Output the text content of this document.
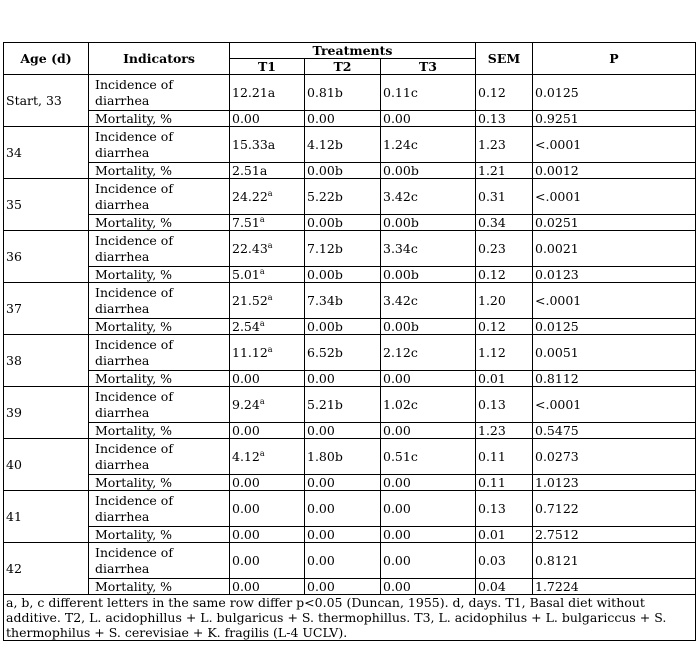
Age (d)	Indicators	Treatments			SEM	P
		T1	T2	T3		
Start, 33	Incidence of diarrhea	12.21a	0.81b	0.11c	0.12	0.0125
	Mortality, %	0.00	0.00	0.00	0.13	0.9251
34	Incidence of diarrhea	15.33a	4.12b	1.24c	1.23	<.0001
	Mortality, %	2.51a	0.00b	0.00b	1.21	0.0012
35	Incidence of diarrhea	24.22$^a$	5.22b	3.42c	0.31	<.0001
	Mortality, %	7.51$^a$	0.00b	0.00b	0.34	0.0251
36	Incidence of diarrhea	22.43$^a$	7.12b	3.34c	0.23	0.0021
	Mortality, %	5.01$^a$	0.00b	0.00b	0.12	0.0123
37	Incidence of diarrhea	21.52$^a$	7.34b	3.42c	1.20	<.0001
	Mortality, %	2.54$^a$	0.00b	0.00b	0.12	0.0125
38	Incidence of diarrhea	11.12$^a$	6.52b	2.12c	1.12	0.0051
	Mortality, %	0.00	0.00	0.00	0.01	0.8112
39	Incidence of diarrhea	9.24$^a$	5.21b	1.02c	0.13	<.0001
	Mortality, %	0.00	0.00	0.00	1.23	0.5475
40	Incidence of diarrhea	4.12$^a$	1.80b	0.51c	0.11	0.0273
	Mortality, %	0.00	0.00	0.00	0.11	1.0123
41	Incidence of diarrhea	0.00	0.00	0.00	0.13	0.7122
	Mortality, %	0.00	0.00	0.00	0.01	2.7512
42	Incidence of diarrhea	0.00	0.00	0.00	0.03	0.8121
	Mortality, %	0.00	0.00	0.00	0.04	1.7224
a, b, c different letters in the same row differ p<0.05 (Duncan, 1955). d, days. T1, Basal diet without additive. T2, L. acidophillus + L. bulgaricus + S. thermophillus. T3, L. acidophilus + L. bulgariccus + S. thermophilus + S. cerevisiae + K. fragilis (L-4 UCLV).						
